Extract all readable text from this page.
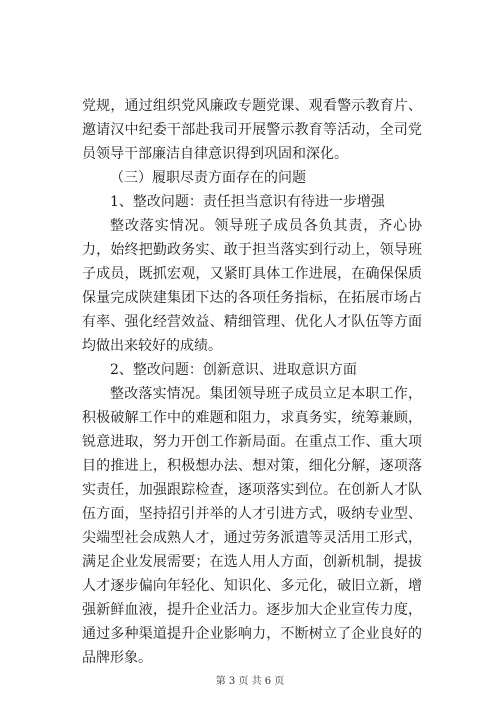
党规，通过组织党风廉政专题党课、观看警示教育片、邀请汉中纪委干部赴我司开展警示教育等活动，全司党员领导干部廉洁自律意识得到巩固和深化。

（三）履职尽责方面存在的问题

1、整改问题：责任担当意识有待进一步增强

整改落实情况。领导班子成员各负其责，齐心协力，始终把勤政务实、敢于担当落实到行动上，领导班子成员，既抓宏观，又紧盯具体工作进展，在确保保质保量完成陕建集团下达的各项任务指标，在拓展市场占有率、强化经营效益、精细管理、优化人才队伍等方面均做出来较好的成绩。

2、整改问题：创新意识、进取意识方面

整改落实情况。集团领导班子成员立足本职工作，积极破解工作中的难题和阻力，求真务实，统筹兼顾，锐意进取，努力开创工作新局面。在重点工作、重大项目的推进上，积极想办法、想对策，细化分解，逐项落实责任，加强跟踪检查，逐项落实到位。在创新人才队伍方面，坚持招引并举的人才引进方式，吸纳专业型、尖端型社会成熟人才，通过劳务派遣等灵活用工形式，满足企业发展需要；在选人用人方面，创新机制，提拔人才逐步偏向年轻化、知识化、多元化，破旧立新，增强新鲜血液，提升企业活力。逐步加大企业宣传力度，通过多种渠道提升企业影响力，不断树立了企业良好的品牌形象。

第 3 页 共 6 页
